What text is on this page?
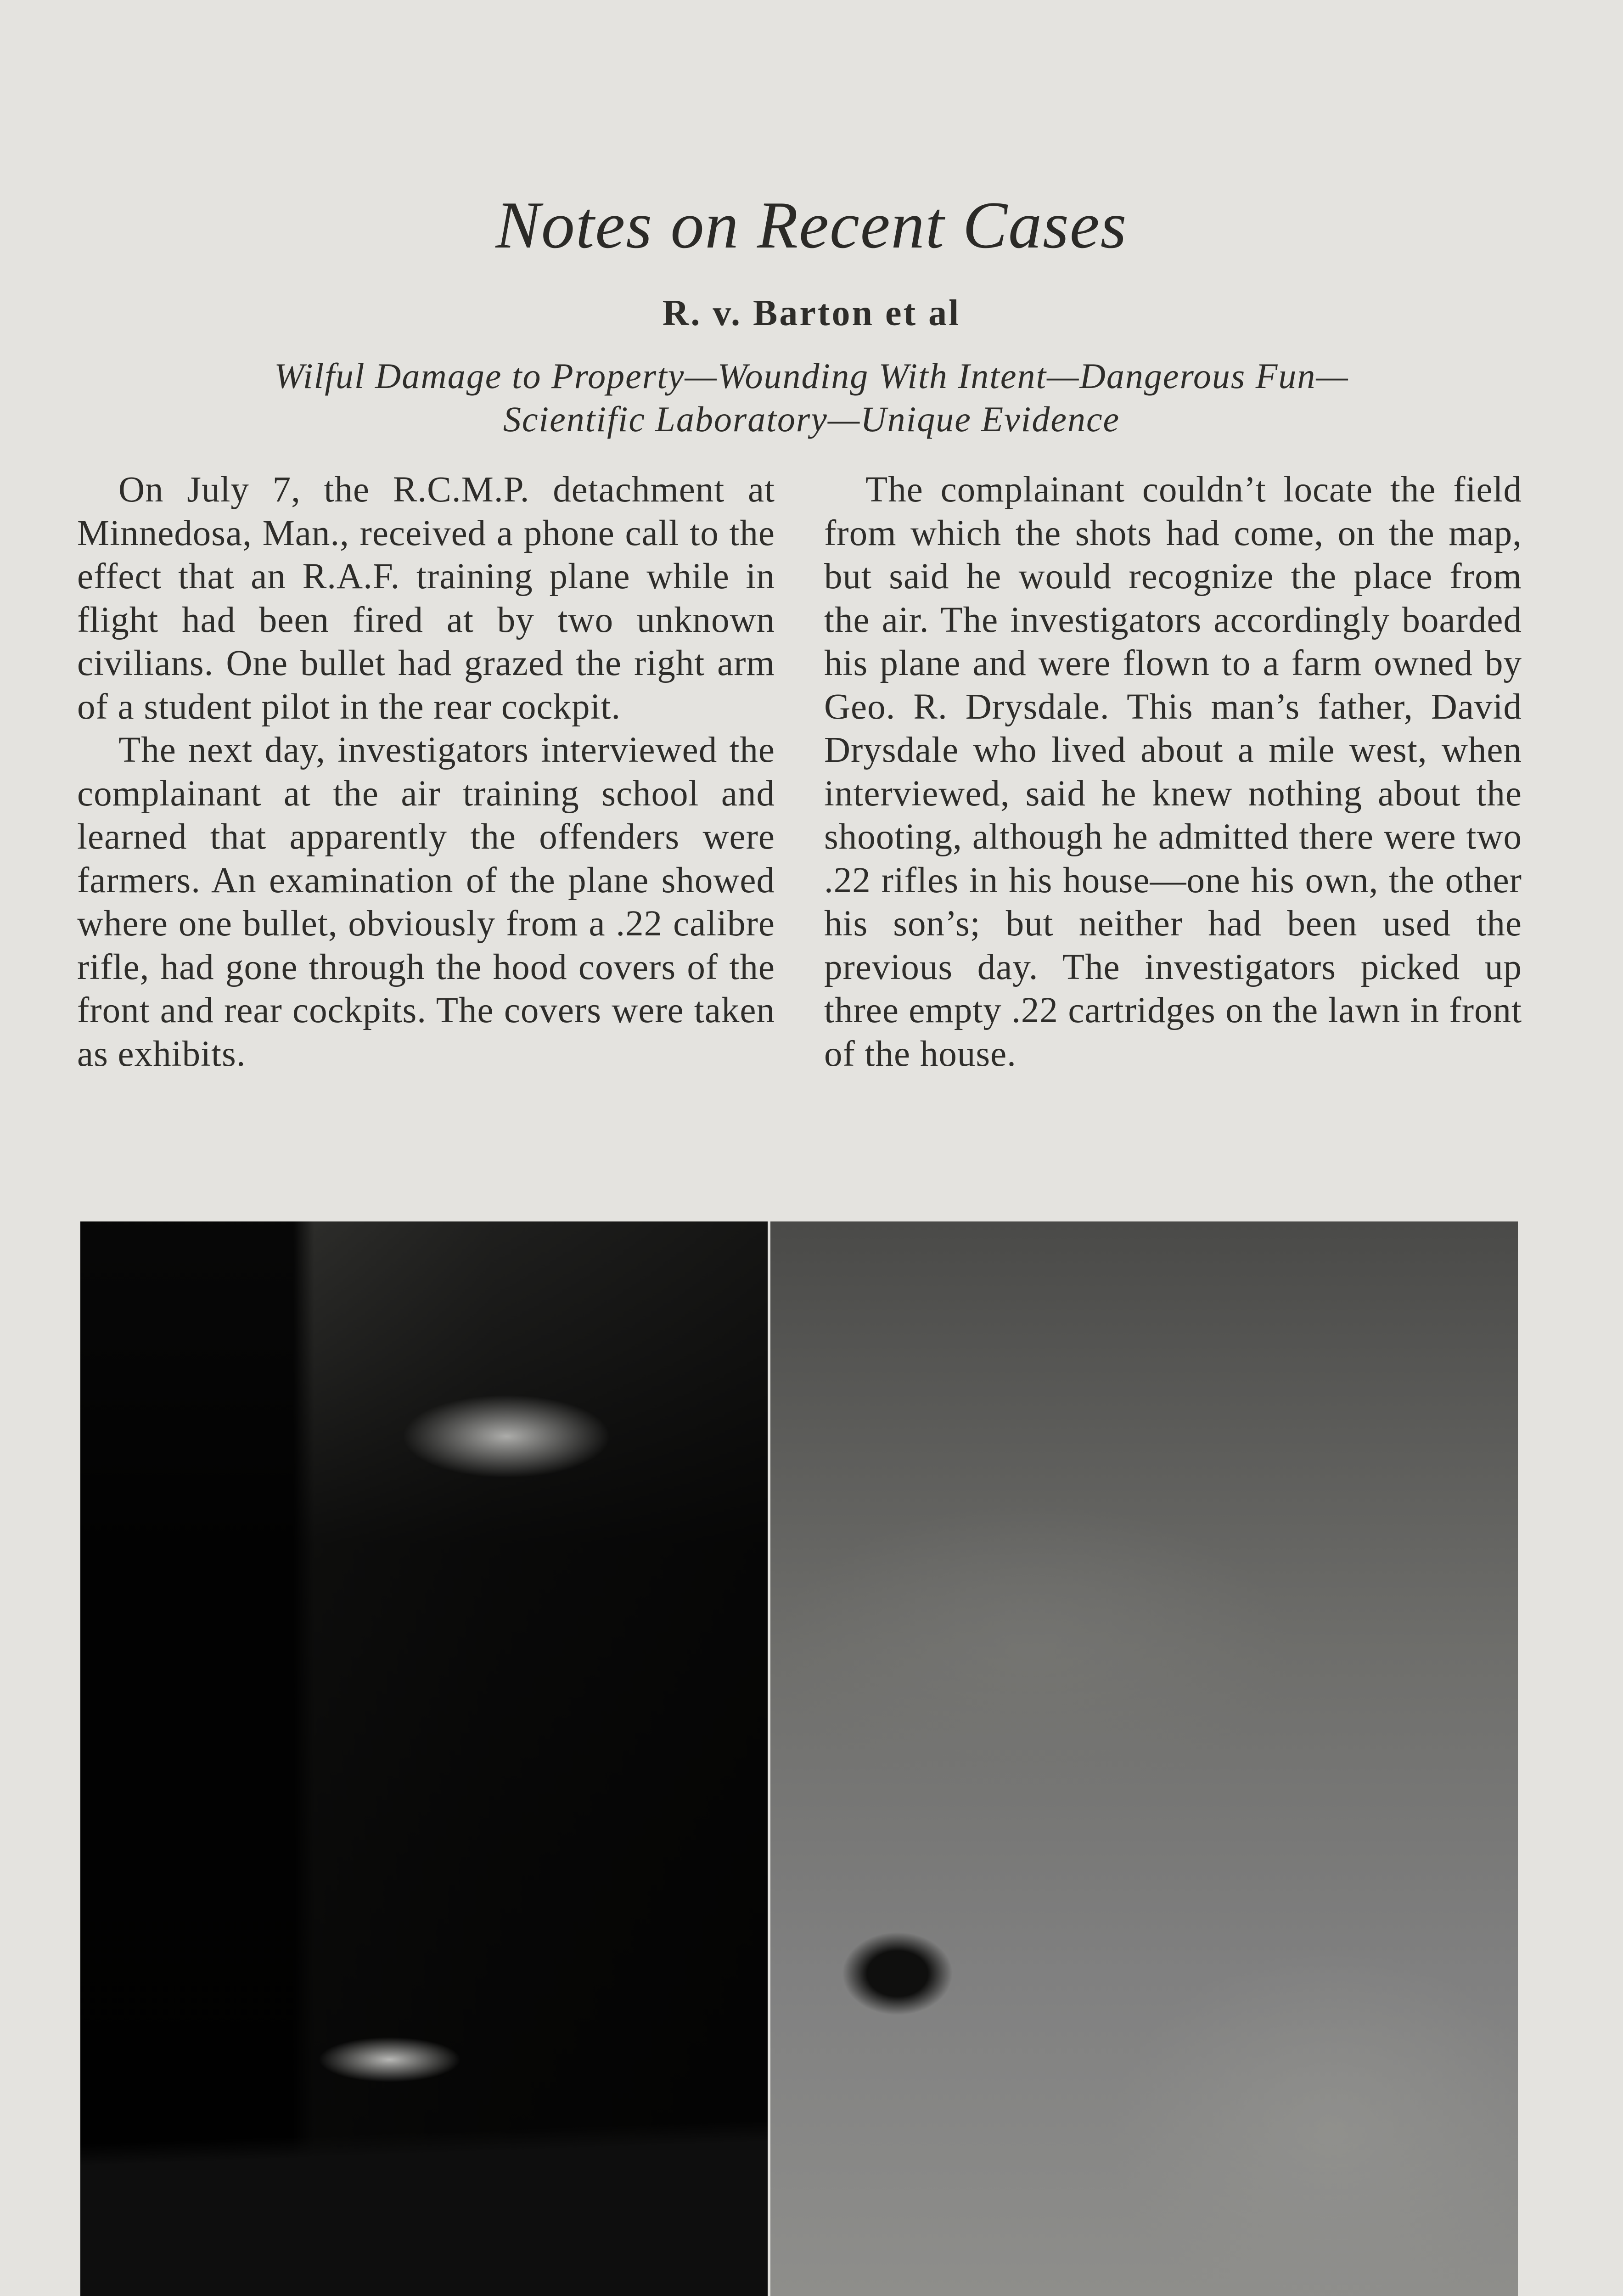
Notes on Recent Cases
R. v. Barton et al
Wilful Damage to Property—Wounding With Intent—Dangerous Fun—
Scientific Laboratory—Unique Evidence

On July 7, the R.C.M.P. detachment at Minnedosa, Man., received a phone call to the effect that an R.A.F. training plane while in flight had been fired at by two unknown civilians. One bullet had grazed the right arm of a student pilot in the rear cockpit.

The next day, investigators interviewed the complainant at the air training school and learned that apparently the offenders were farmers. An examination of the plane showed where one bullet, obviously from a .22 calibre rifle, had gone through the hood covers of the front and rear cockpits. The covers were taken as exhibits.

The complainant couldn’t locate the field from which the shots had come, on the map, but said he would recognize the place from the air. The investigators accordingly boarded his plane and were flown to a farm owned by Geo. R. Drysdale. This man’s father, David Drysdale who lived about a mile west, when interviewed, said he knew nothing about the shooting, although he admitted there were two .22 rifles in his house—one his own, the other his son’s; but neither had been used the previous day. The investigators picked up three empty .22 cartridges on the lawn in front of the house.
